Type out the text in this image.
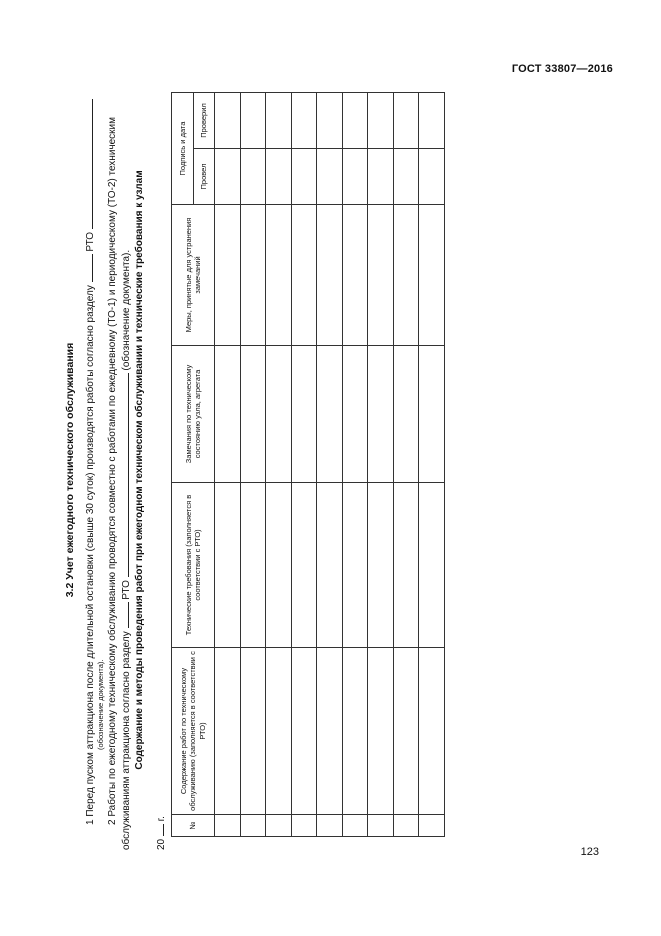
ГОСТ 33807—2016
3.2 Учет ежегодного технического обслуживания 1 Перед пуском аттракциона после длительной остановки (свыше 30 суток) производятся работы согласно разделу  РТО
(обозначение документа). 2 Работы по ежегодному техническому обслуживанию проводятся совместно с работами по ежедневному (ТО-1) и периодическому (ТО-2) техническим обслуживаниям аттракциона согласно разделу  РТО  (обозначение документа). Содержание и методы проведения работ при ежегодном техническом обслуживании и технические требования к узлам
20  г.
№	Содержание работ по техническому обслуживанию (заполняется в соответствии с РТО)	Технические требования (заполняется в соответствии с РТО)	Замечания по техническому состоянию узла, агрегата	Меры, принятые для устранения замечаний	Подпись и дата	
					Провел	Проверил

123
